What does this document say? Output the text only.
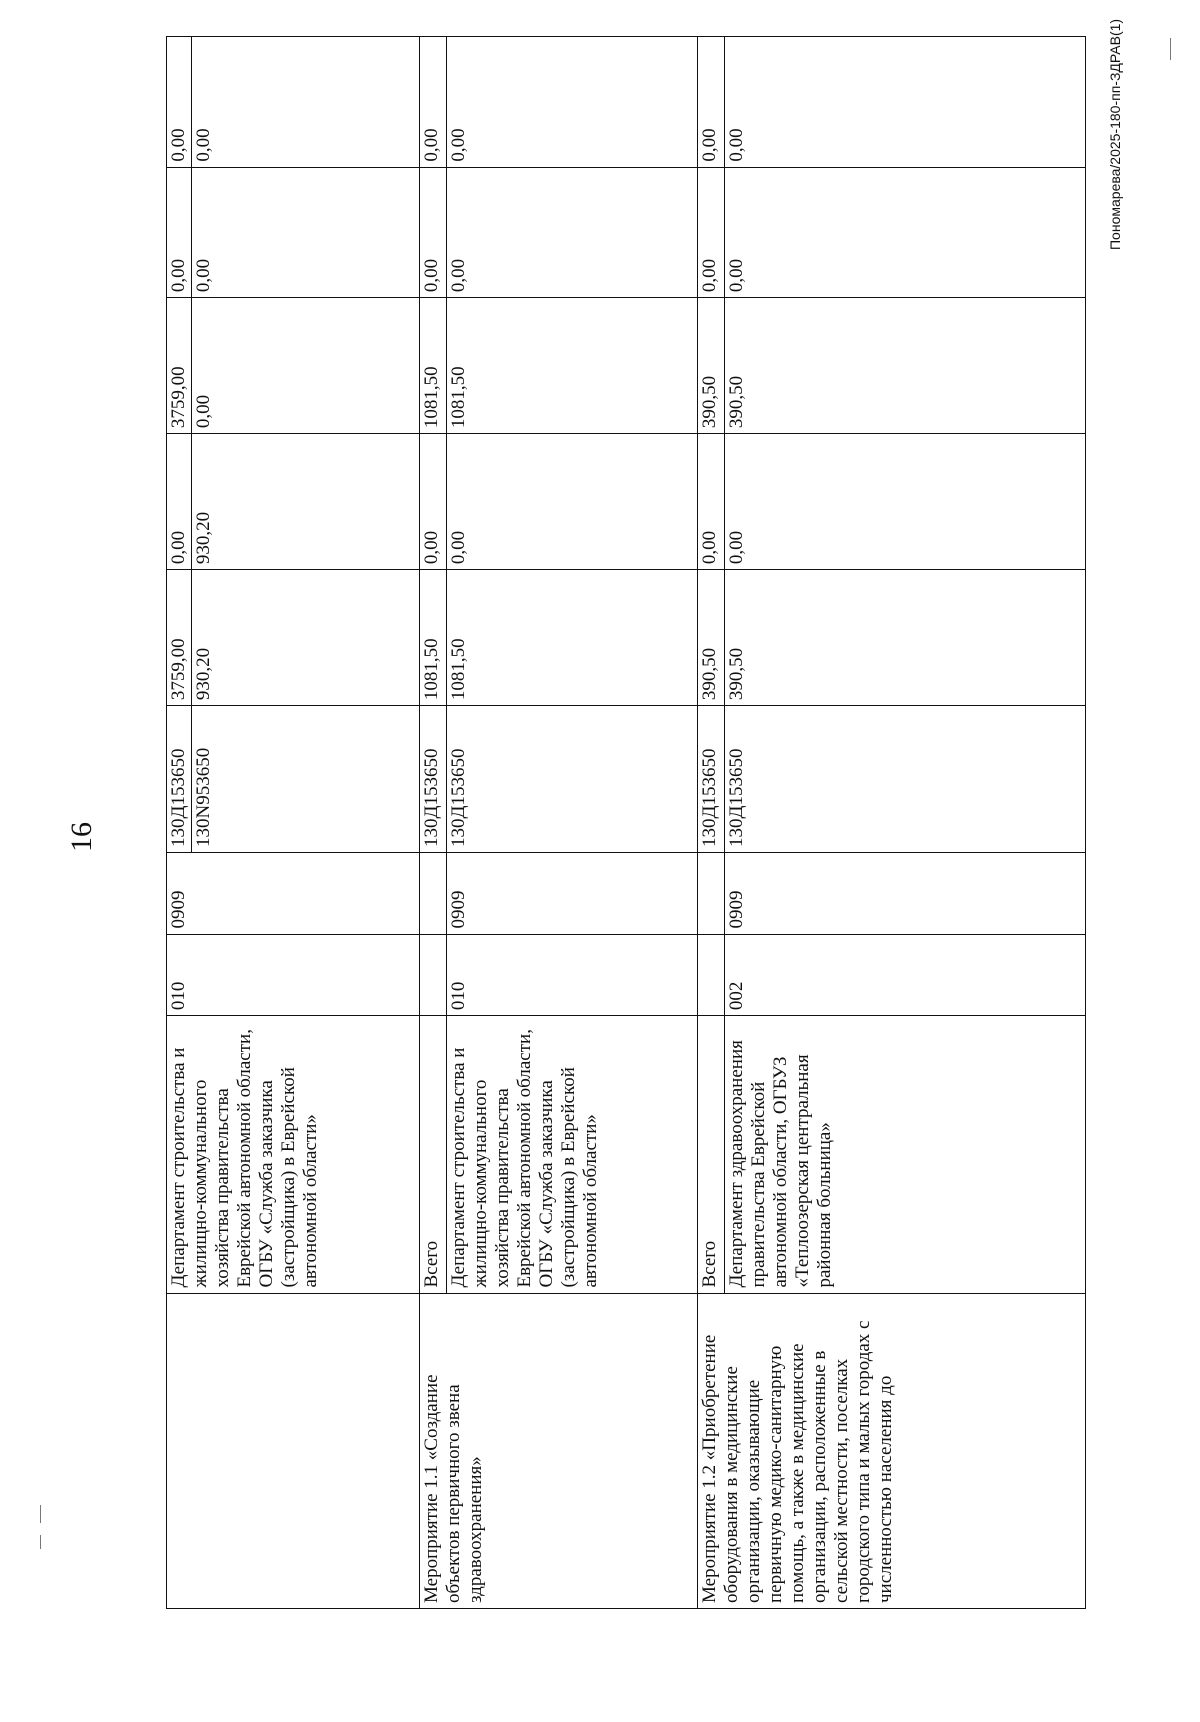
16
Пономарева/2025-180-пп-ЗДРАВ(1)
	Департамент строительства и жилищно-коммунального хозяйства правительства Еврейской автономной области, ОГБУ «Служба заказчика (застройщика) в Еврейской автономной области»	010	0909	130Д153650	3759,00	0,00	3759,00	0,00	0,00
				130N953650	930,20	930,20	0,00	0,00	0,00
Мероприятие 1.1 «Создание объектов первичного звена здравоохранения»	Всего			130Д153650	1081,50	0,00	1081,50	0,00	0,00
	Департамент строительства и жилищно-коммунального хозяйства правительства Еврейской автономной области, ОГБУ «Служба заказчика (застройщика) в Еврейской автономной области»	010	0909	130Д153650	1081,50	0,00	1081,50	0,00	0,00
Мероприятие 1.2 «Приобретение оборудования в медицинские организации, оказывающие первичную медико-санитарную помощь, а также в медицинские организации, расположенные в сельской местности, поселках городского типа и малых городах с численностью населения до	Всего			130Д153650	390,50	0,00	390,50	0,00	0,00
	Департамент здравоохранения правительства Еврейской автономной области, ОГБУЗ «Теплоозерская центральная районная больница»	002	0909	130Д153650	390,50	0,00	390,50	0,00	0,00
